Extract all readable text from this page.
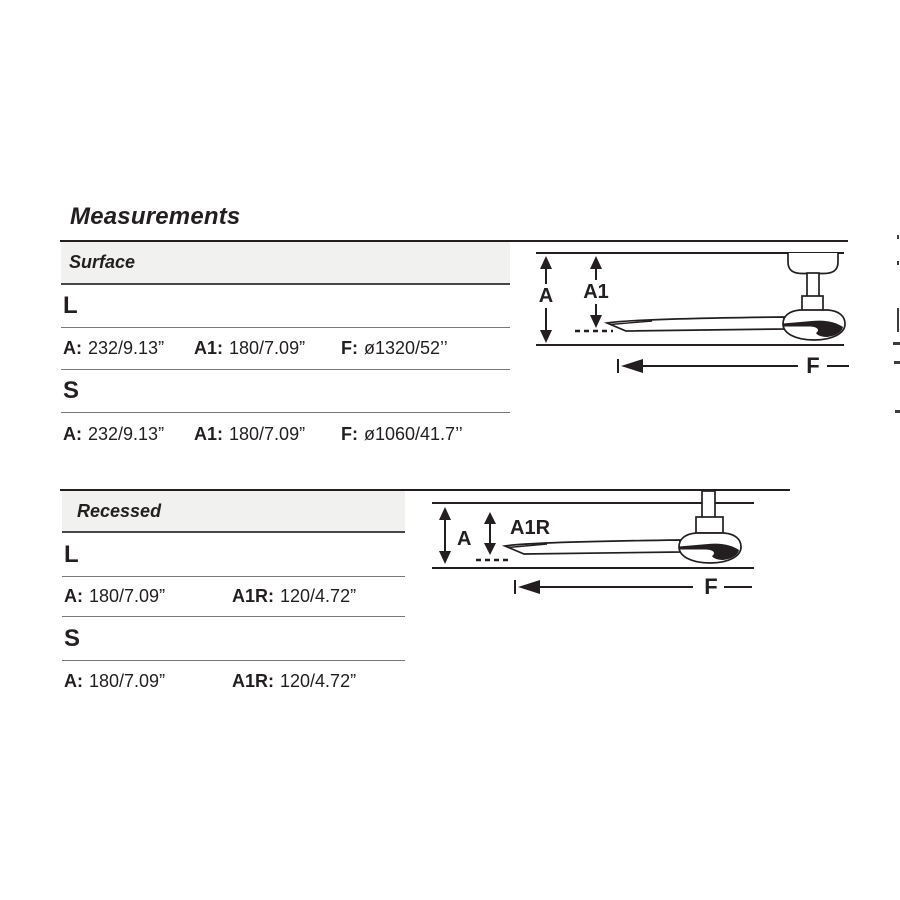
Measurements
Surface
L
A: 232/9.13”	A1: 180/7.09”	F: ø1320/52’’
S
A: 232/9.13”	A1: 180/7.09”	F: ø1060/41.7’’
A A1
F
Recessed
L
A: 180/7.09”	A1R: 120/4.72”
S
A: 180/7.09”	A1R: 120/4.72”
A A1R
F
